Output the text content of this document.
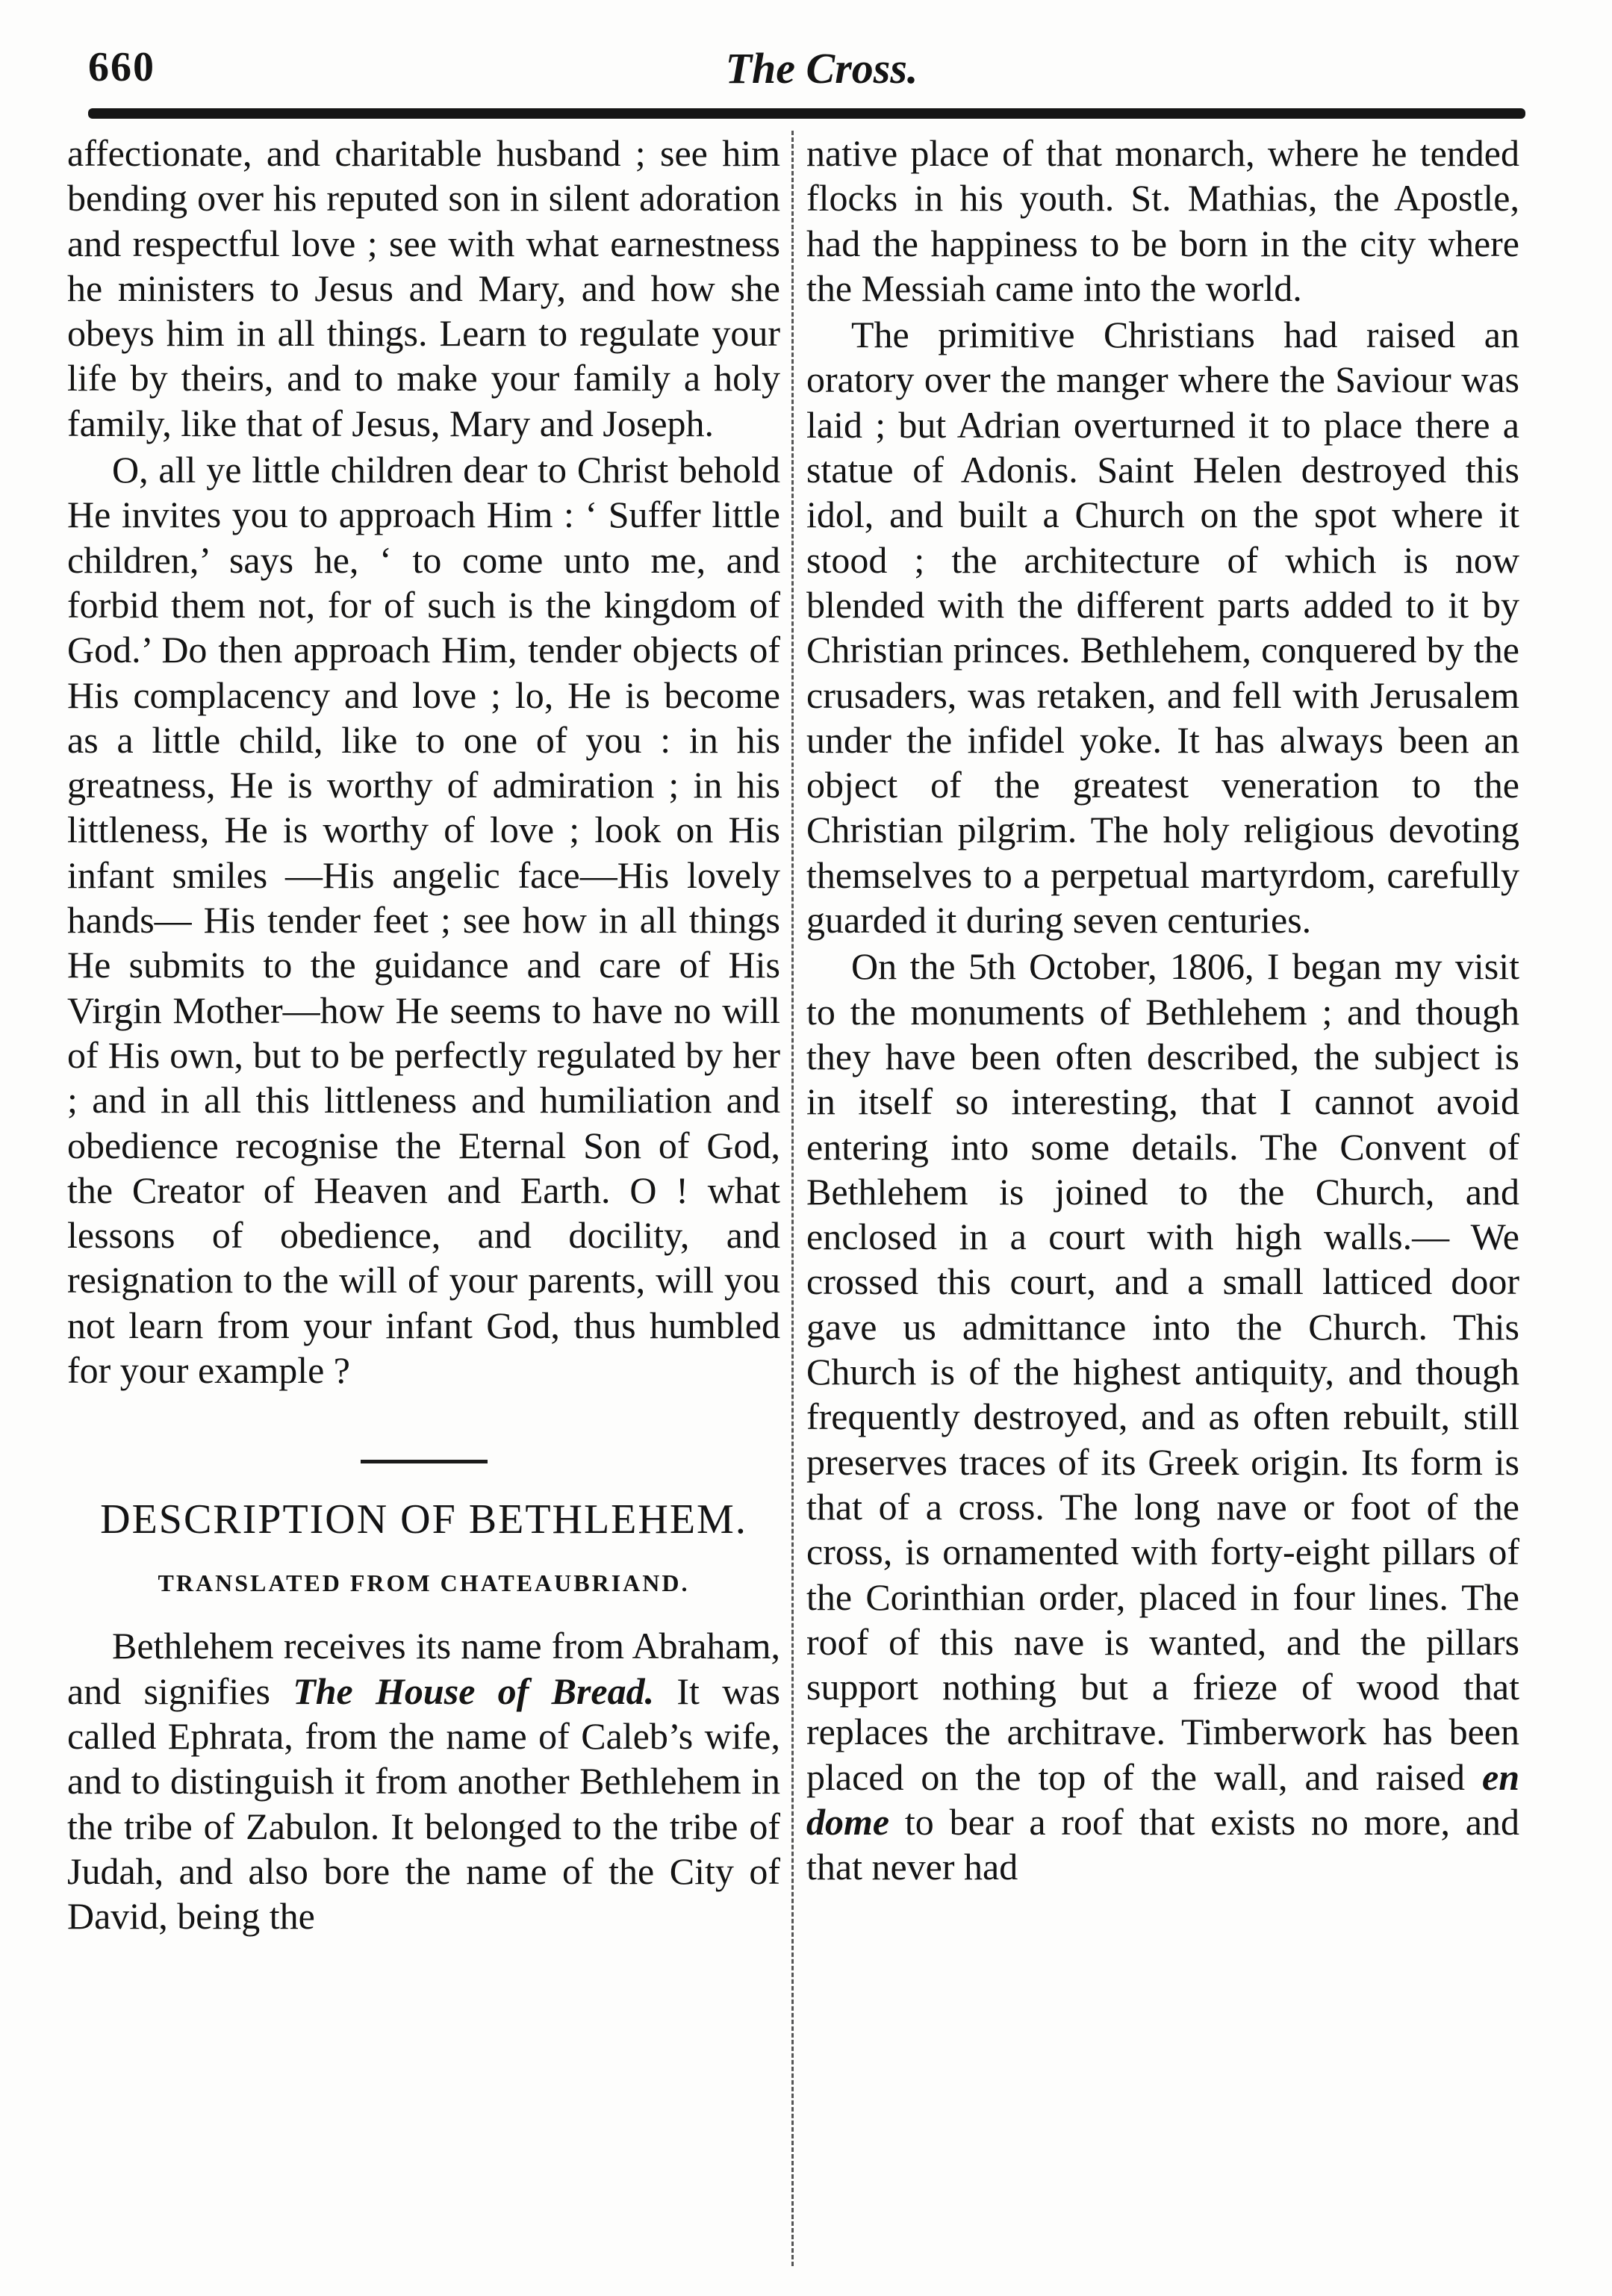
660	The Cross.

affectionate, and charitable husband ; see him bending over his reputed son in silent adoration and respectful love ; see with what earnestness he ministers to Jesus and Mary, and how she obeys him in all things. Learn to regulate your life by theirs, and to make your family a holy family, like that of Jesus, Mary and Joseph.

O, all ye little children dear to Christ behold He invites you to approach Him : ‘ Suffer little children,’ says he, ‘ to come unto me, and forbid them not, for of such is the kingdom of God.’ Do then approach Him, tender objects of His complacency and love ; lo, He is become as a little child, like to one of you : in his greatness, He is worthy of admiration ; in his littleness, He is worthy of love ; look on His infant smiles —His angelic face—His lovely hands— His tender feet ; see how in all things He submits to the guidance and care of His Virgin Mother—how He seems to have no will of His own, but to be perfectly regulated by her ; and in all this littleness and humiliation and obedience recognise the Eternal Son of God, the Creator of Heaven and Earth. O ! what lessons of obedience, and docility, and resignation to the will of your parents, will you not learn from your infant God, thus humbled for your example ?

DESCRIPTION OF BETHLEHEM.
TRANSLATED FROM CHATEAUBRIAND.

Bethlehem receives its name from Abraham, and signifies The House of Bread. It was called Ephrata, from the name of Caleb’s wife, and to distinguish it from another Bethlehem in the tribe of Zabulon. It belonged to the tribe of Judah, and also bore the name of the City of David, being the

native place of that monarch, where he tended flocks in his youth. St. Mathias, the Apostle, had the happiness to be born in the city where the Messiah came into the world.

The primitive Christians had raised an oratory over the manger where the Saviour was laid ; but Adrian overturned it to place there a statue of Adonis. Saint Helen destroyed this idol, and built a Church on the spot where it stood ; the architecture of which is now blended with the different parts added to it by Christian princes. Bethlehem, conquered by the crusaders, was retaken, and fell with Jerusalem under the infidel yoke. It has always been an object of the greatest veneration to the Christian pilgrim. The holy religious devoting themselves to a perpetual martyrdom, carefully guarded it during seven centuries.

On the 5th October, 1806, I began my visit to the monuments of Bethlehem ; and though they have been often described, the subject is in itself so interesting, that I cannot avoid entering into some details. The Convent of Bethlehem is joined to the Church, and enclosed in a court with high walls.— We crossed this court, and a small latticed door gave us admittance into the Church. This Church is of the highest antiquity, and though frequently destroyed, and as often rebuilt, still preserves traces of its Greek origin. Its form is that of a cross. The long nave or foot of the cross, is ornamented with forty-eight pillars of the Corinthian order, placed in four lines. The roof of this nave is wanted, and the pillars support nothing but a frieze of wood that replaces the architrave. Timberwork has been placed on the top of the wall, and raised en dome to bear a roof that exists no more, and that never had
